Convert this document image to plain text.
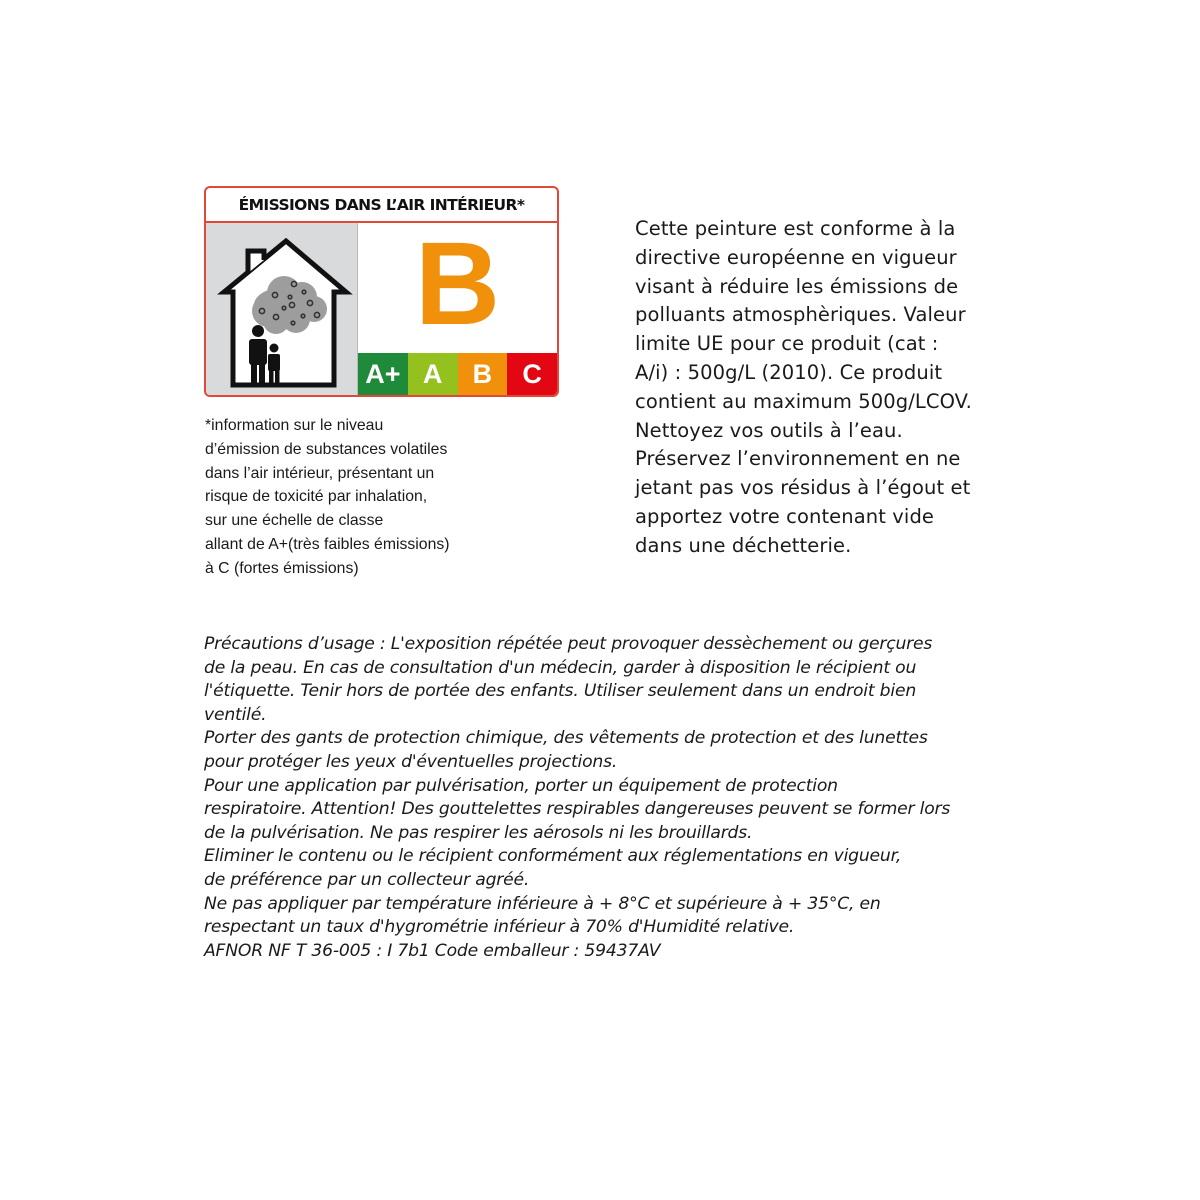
ÉMISSIONS DANS L’AIR INTÉRIEUR*
B
A+ A	B	C
*information sur le niveau
d’émission de substances volatiles
dans l’air intérieur, présentant un
risque de toxicité par inhalation,
sur une échelle de classe
allant de A+(très faibles émissions)
à C (fortes émissions)
Cette peinture est conforme à la
directive européenne en vigueur
visant à réduire les émissions de
polluants atmosphèriques. Valeur
limite UE pour ce produit (cat :
A/i) : 500g/L (2010). Ce produit
contient au maximum 500g/LCOV.
Nettoyez vos outils à l’eau.
Préservez l’environnement en ne
jetant pas vos résidus à l’égout et
apportez votre contenant vide
dans une déchetterie.
Précautions d’usage : L'exposition répétée peut provoquer dessèchement ou gerçures
de la peau. En cas de consultation d'un médecin, garder à disposition le récipient ou
l'étiquette. Tenir hors de portée des enfants. Utiliser seulement dans un endroit bien
ventilé.
Porter des gants de protection chimique, des vêtements de protection et des lunettes
pour protéger les yeux d'éventuelles projections.
Pour une application par pulvérisation, porter un équipement de protection
respiratoire. Attention! Des gouttelettes respirables dangereuses peuvent se former lors
de la pulvérisation. Ne pas respirer les aérosols ni les brouillards.
Eliminer le contenu ou le récipient conformément aux réglementations en vigueur,
de préférence par un collecteur agréé.
Ne pas appliquer par température inférieure à + 8°C et supérieure à + 35°C, en
respectant un taux d'hygrométrie inférieur à 70% d'Humidité relative.
AFNOR NF T 36-005 : I 7b1 Code emballeur : 59437AV
